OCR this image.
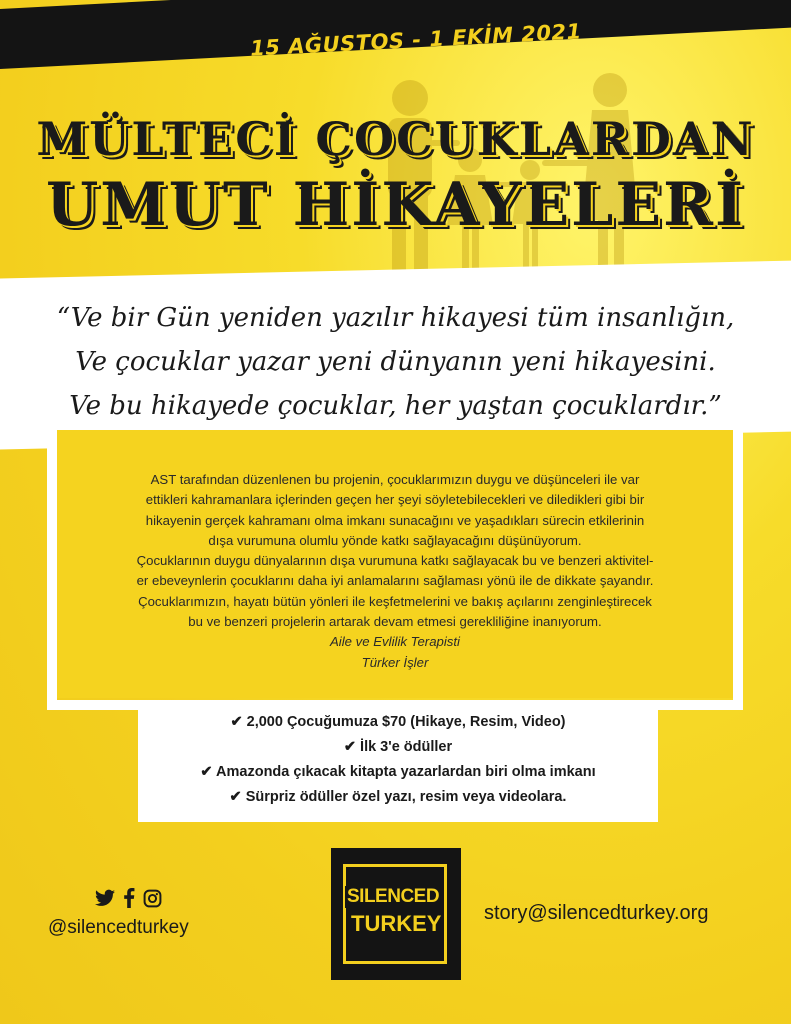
15 AĞUSTOS - 1 EKİM 2021
MÜLTECİ ÇOCUKLARDAN
UMUT HİKAYELERİ
“Ve bir Gün yeniden yazılır hikayesi tüm insanlığın,
Ve çocuklar yazar yeni dünyanın yeni hikayesini.
Ve bu hikayede çocuklar, her yaştan çocuklardır.”

AST tarafından düzenlenen bu projenin, çocuklarımızın duygu ve düşünceleri ile var

ettikleri kahramanlara içlerinden geçen her şeyi söyletebilecekleri ve diledikleri gibi bir

hikayenin gerçek kahramanı olma imkanı sunacağını ve yaşadıkları sürecin etkilerinin

dışa vurumuna olumlu yönde katkı sağlayacağını düşünüyorum.

Çocuklarının duygu dünyalarının dışa vurumuna katkı sağlayacak bu ve benzeri aktivitel-

er ebeveynlerin çocuklarını daha iyi anlamalarını sağlaması yönü ile de dikkate şayandır.

Çocuklarımızın, hayatı bütün yönleri ile keşfetmelerini ve bakış açılarını zenginleştirecek

bu ve benzeri projelerin artarak devam etmesi gerekliliğine inanıyorum.

Aile ve Evlilik Terapisti

Türker İşler

✔ 2,000 Çocuğumuza $70 (Hikaye, Resim, Video)
✔ İlk 3'e ödüller
✔ Amazonda çıkacak kitapta yazarlardan biri olma imkanı
✔ Sürpriz ödüller özel yazı, resim veya videolara.
@silencedturkey
SILENCED
TURKEY story@silencedturkey.org
